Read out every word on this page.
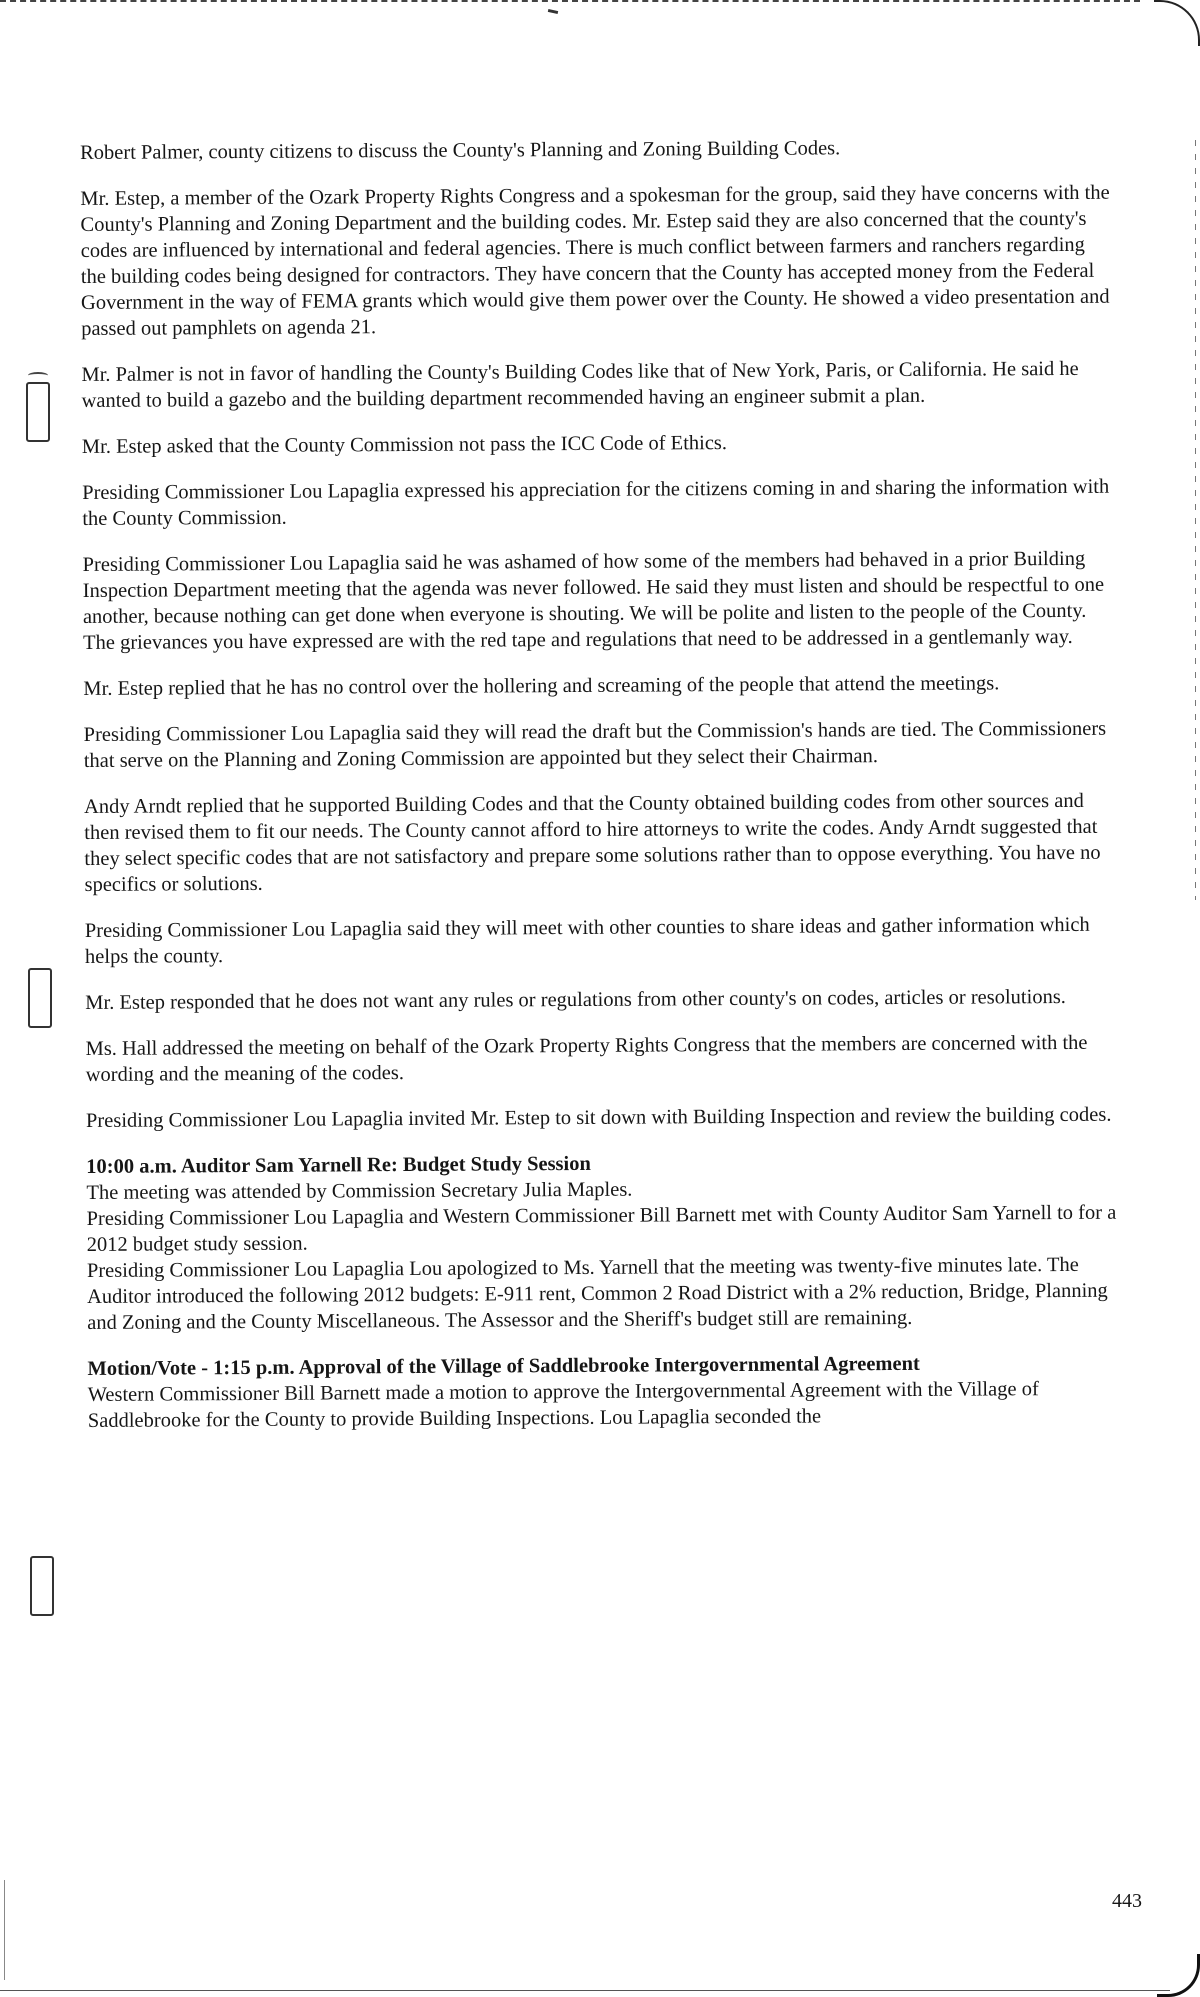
Robert Palmer, county citizens to discuss the County's Planning and Zoning Building Codes.

Mr. Estep, a member of the Ozark Property Rights Congress and a spokesman for the group, said they have concerns with the County's Planning and Zoning Department and the building codes. Mr. Estep said they are also concerned that the county's codes are influenced by international and federal agencies. There is much conflict between farmers and ranchers regarding the building codes being designed for contractors. They have concern that the County has accepted money from the Federal Government in the way of FEMA grants which would give them power over the County. He showed a video presentation and passed out pamphlets on agenda 21.

Mr. Palmer is not in favor of handling the County's Building Codes like that of New York, Paris, or California. He said he wanted to build a gazebo and the building department recommended having an engineer submit a plan.

Mr. Estep asked that the County Commission not pass the ICC Code of Ethics.

Presiding Commissioner Lou Lapaglia expressed his appreciation for the citizens coming in and sharing the information with the County Commission.

Presiding Commissioner Lou Lapaglia said he was ashamed of how some of the members had behaved in a prior Building Inspection Department meeting that the agenda was never followed. He said they must listen and should be respectful to one another, because nothing can get done when everyone is shouting. We will be polite and listen to the people of the County. The grievances you have expressed are with the red tape and regulations that need to be addressed in a gentlemanly way.

Mr. Estep replied that he has no control over the hollering and screaming of the people that attend the meetings.

Presiding Commissioner Lou Lapaglia said they will read the draft but the Commission's hands are tied. The Commissioners that serve on the Planning and Zoning Commission are appointed but they select their Chairman.

Andy Arndt replied that he supported Building Codes and that the County obtained building codes from other sources and then revised them to fit our needs. The County cannot afford to hire attorneys to write the codes. Andy Arndt suggested that they select specific codes that are not satisfactory and prepare some solutions rather than to oppose everything. You have no specifics or solutions.

Presiding Commissioner Lou Lapaglia said they will meet with other counties to share ideas and gather information which helps the county.

Mr. Estep responded that he does not want any rules or regulations from other county's on codes, articles or resolutions.

Ms. Hall addressed the meeting on behalf of the Ozark Property Rights Congress that the members are concerned with the wording and the meaning of the codes.

Presiding Commissioner Lou Lapaglia invited Mr. Estep to sit down with Building Inspection and review the building codes.

10:00 a.m. Auditor Sam Yarnell Re: Budget Study Session

The meeting was attended by Commission Secretary Julia Maples.

Presiding Commissioner Lou Lapaglia and Western Commissioner Bill Barnett met with County Auditor Sam Yarnell to for a 2012 budget study session.

Presiding Commissioner Lou Lapaglia Lou apologized to Ms. Yarnell that the meeting was twenty-five minutes late. The Auditor introduced the following 2012 budgets: E-911 rent, Common 2 Road District with a 2% reduction, Bridge, Planning and Zoning and the County Miscellaneous. The Assessor and the Sheriff's budget still are remaining.

Motion/Vote - 1:15 p.m. Approval of the Village of Saddlebrooke Intergovernmental Agreement

Western Commissioner Bill Barnett made a motion to approve the Intergovernmental Agreement with the Village of Saddlebrooke for the County to provide Building Inspections. Lou Lapaglia seconded the

443
